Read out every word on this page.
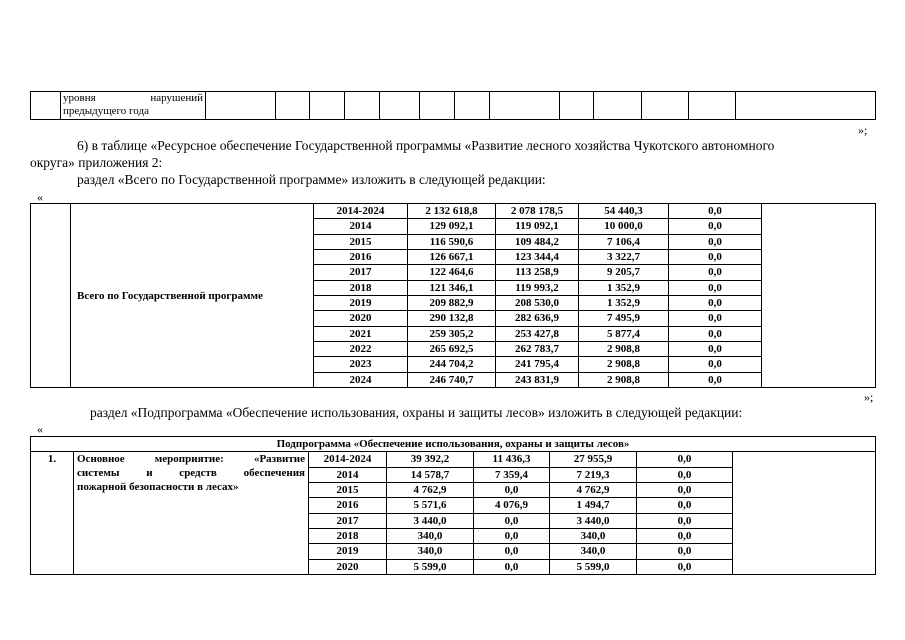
уровня нарушений
предыдущего года

»;
6) в таблице «Ресурсное обеспечение Государственной программы «Развитие лесного хозяйства Чукотского автономного
округа» приложения 2:
раздел «Всего по Государственной программе» изложить в следующей редакции:
«
	Всего по Государственной программе	2014-2024	2 132 618,8	2 078 178,5	54 440,3	0,0	
		2014	129 092,1	119 092,1	10 000,0	0,0	
		2015	116 590,6	109 484,2	7 106,4	0,0	
		2016	126 667,1	123 344,4	3 322,7	0,0	
		2017	122 464,6	113 258,9	9 205,7	0,0	
		2018	121 346,1	119 993,2	1 352,9	0,0	
		2019	209 882,9	208 530,0	1 352,9	0,0	
		2020	290 132,8	282 636,9	7 495,9	0,0	
		2021	259 305,2	253 427,8	5 877,4	0,0	
		2022	265 692,5	262 783,7	2 908,8	0,0	
		2023	244 704,2	241 795,4	2 908,8	0,0	
		2024	246 740,7	243 831,9	2 908,8	0,0	
»;
раздел «Подпрограмма «Обеспечение использования, охраны и защиты лесов» изложить в следующей редакции:
«
Подпрограмма «Обеспечение использования, охраны и защиты лесов»							
1.	Основное мероприятие: «Развитие
системы и средств обеспечения
пожарной безопасности в лесах»	2014-2024	39 392,2	11 436,3	27 955,9	0,0	
		2014	14 578,7	7 359,4	7 219,3	0,0	
		2015	4 762,9	0,0	4 762,9	0,0	
		2016	5 571,6	4 076,9	1 494,7	0,0	
		2017	3 440,0	0,0	3 440,0	0,0	
		2018	340,0	0,0	340,0	0,0	
		2019	340,0	0,0	340,0	0,0	
		2020	5 599,0	0,0	5 599,0	0,0	
